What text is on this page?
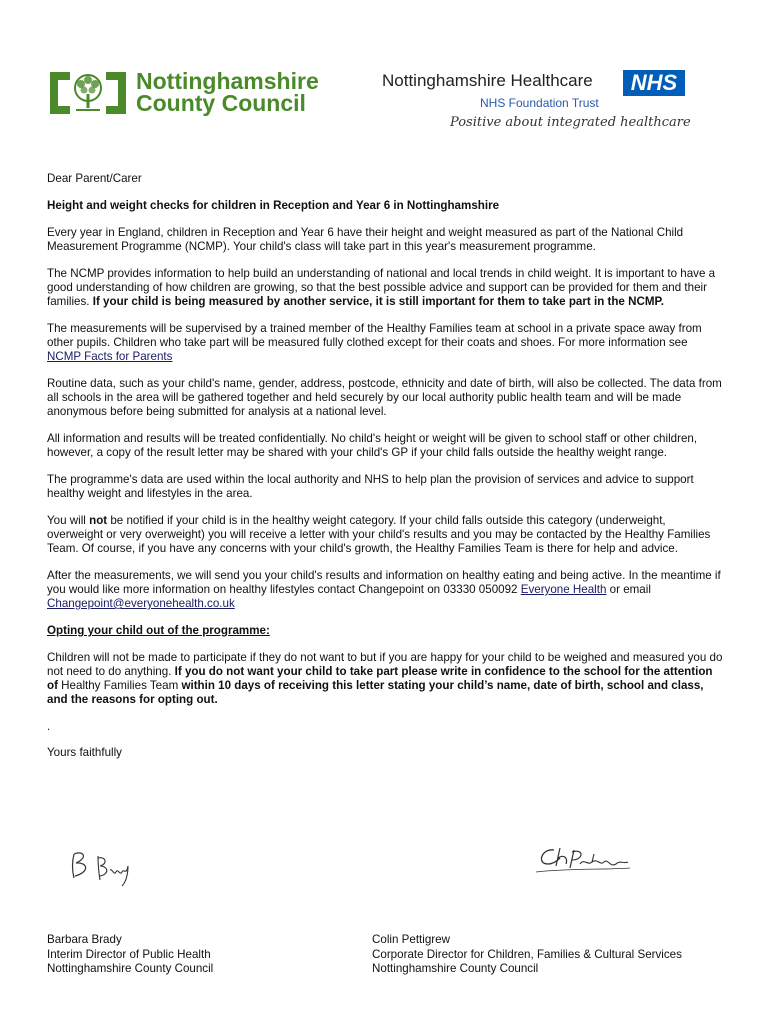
Nottinghamshire
County Council
Nottinghamshire Healthcare	NHS
NHS Foundation Trust
Positive about integrated healthcare

Dear Parent/Carer

Height and weight checks for children in Reception and Year 6 in Nottinghamshire

Every year in England, children in Reception and Year 6 have their height and weight measured as part of the National Child Measurement Programme (NCMP). Your child's class will take part in this year's measurement programme.

The NCMP provides information to help build an understanding of national and local trends in child weight. It is important to have a good understanding of how children are growing, so that the best possible advice and support can be provided for them and their families. If your child is being measured by another service, it is still important for them to take part in the NCMP.

The measurements will be supervised by a trained member of the Healthy Families team at school in a private space away from other pupils. Children who take part will be measured fully clothed except for their coats and shoes. For more information see NCMP Facts for Parents

Routine data, such as your child's name, gender, address, postcode, ethnicity and date of birth, will also be collected. The data from all schools in the area will be gathered together and held securely by our local authority public health team and will be made anonymous before being submitted for analysis at a national level.

All information and results will be treated confidentially. No child's height or weight will be given to school staff or other children, however, a copy of the result letter may be shared with your child's GP if your child falls outside the healthy weight range.

The programme's data are used within the local authority and NHS to help plan the provision of services and advice to support healthy weight and lifestyles in the area.

You will not be notified if your child is in the healthy weight category. If your child falls outside this category (underweight, overweight or very overweight) you will receive a letter with your child's results and you may be contacted by the Healthy Families Team. Of course, if you have any concerns with your child's growth, the Healthy Families Team is there for help and advice.

After the measurements, we will send you your child's results and information on healthy eating and being active. In the meantime if you would like more information on healthy lifestyles contact Changepoint on 03330 050092 Everyone Health or email Changepoint@everyonehealth.co.uk

Opting your child out of the programme:

Children will not be made to participate if they do not want to but if you are happy for your child to be weighed and measured you do not need to do anything. If you do not want your child to take part please write in confidence to the school for the attention of Healthy Families Team within 10 days of receiving this letter stating your child’s name, date of birth, school and class, and the reasons for opting out.

.

Yours faithfully

Barbara Brady
Interim Director of Public Health
Nottinghamshire County Council
Colin Pettigrew
Corporate Director for Children, Families & Cultural Services
Nottinghamshire County Council
